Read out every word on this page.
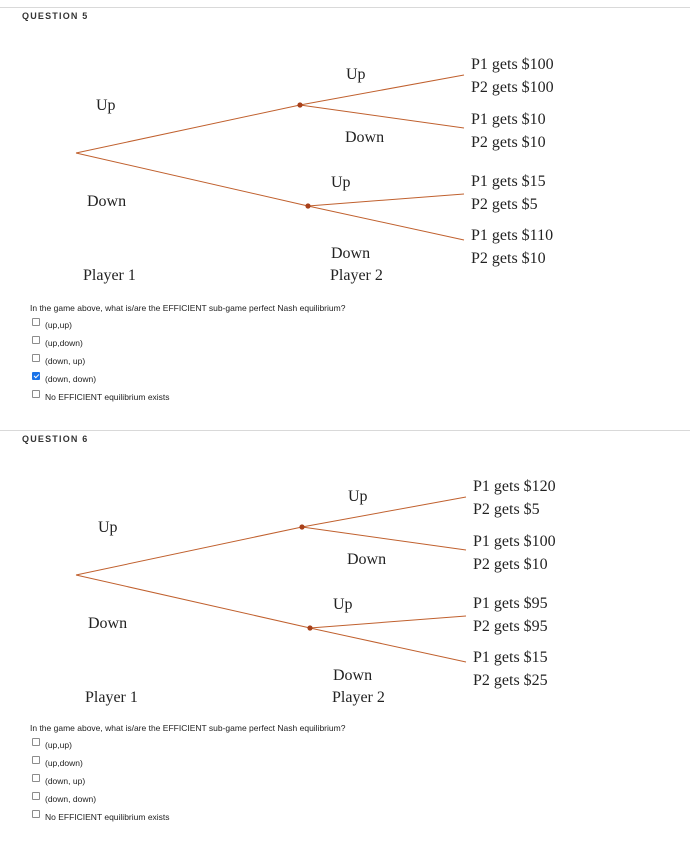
QUESTION 5
Up
Down
Up
Down
Up
Down
Player 1	Player 2
P1 gets $100
P2 gets $100
P1 gets $10
P2 gets $10
P1 gets $15
P2 gets $5
P1 gets $110
P2 gets $10
In the game above, what is/are the EFFICIENT sub-game perfect Nash equilibrium?
(up,up)
(up,down)
(down, up)
(down, down)
No EFFICIENT equilibrium exists
QUESTION 6
Up
Down
Up
Down
Up
Down
Player 1	Player 2
P1 gets $120
P2 gets $5
P1 gets $100
P2 gets $10
P1 gets $95
P2 gets $95
P1 gets $15
P2 gets $25
In the game above, what is/are the EFFICIENT sub-game perfect Nash equilibrium?
(up,up)
(up,down)
(down, up)
(down, down)
No EFFICIENT equilibrium exists
